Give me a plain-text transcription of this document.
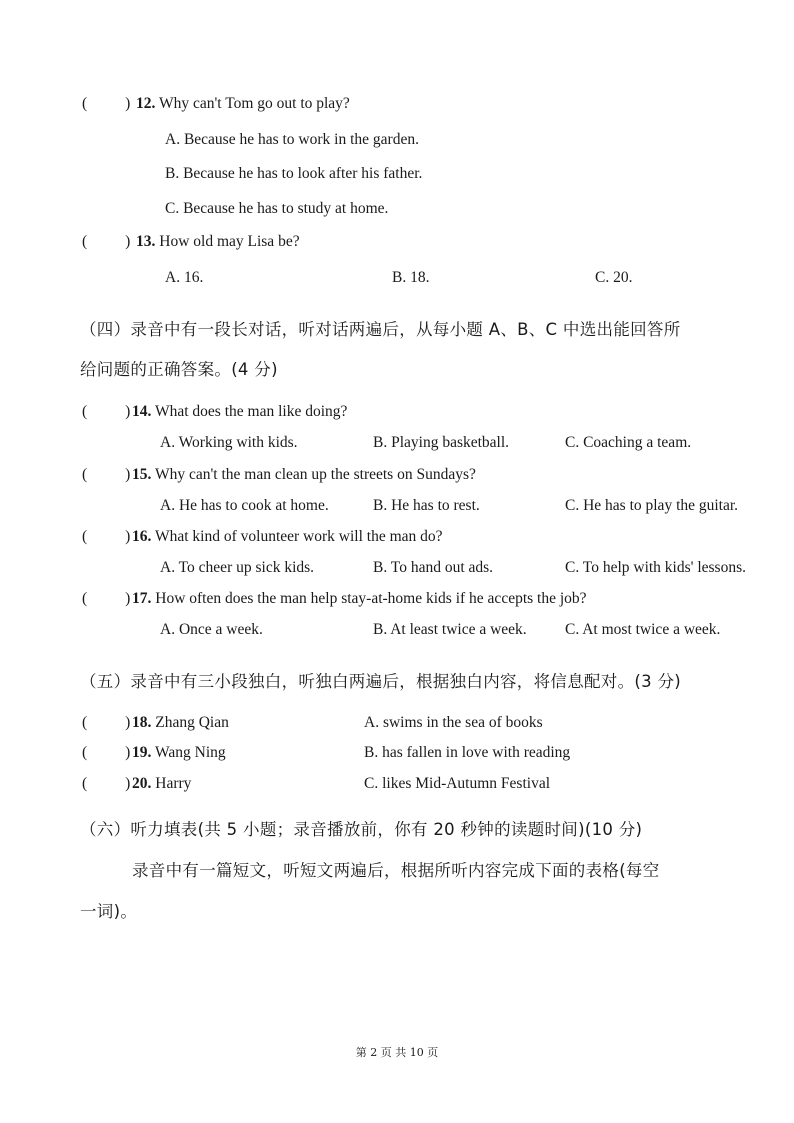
( ) 12. Why can't Tom go out to play?
A. Because he has to work in the garden.
B. Because he has to look after his father.
C. Because he has to study at home.
( ) 13. How old may Lisa be?
A. 16.	B. 18.	C. 20.
（四）录音中有一段长对话，听对话两遍后，从每小题 A、B、C 中选出能回答所
给问题的正确答案。(4 分)
( ) 14. What does the man like doing?
A. Working with kids.	B. Playing basketball.	C. Coaching a team.
( ) 15. Why can't the man clean up the streets on Sundays?
A. He has to cook at home.	B. He has to rest.	C. He has to play the guitar.
( ) 16. What kind of volunteer work will the man do?
A. To cheer up sick kids.	B. To hand out ads.	C. To help with kids' lessons.
( ) 17. How often does the man help stay-at-home kids if he accepts the job?
A. Once a week.	B. At least twice a week. C. At most twice a week.
（五）录音中有三小段独白，听独白两遍后，根据独白内容，将信息配对。(3 分)
( ) 18. Zhang Qian	A. swims in the sea of books
( ) 19. Wang Ning	B. has fallen in love with reading
( ) 20. Harry	C. likes Mid-Autumn Festival
（六）听力填表(共 5 小题；录音播放前，你有 20 秒钟的读题时间)(10 分)
录音中有一篇短文，听短文两遍后，根据所听内容完成下面的表格(每空
一词)。
第 2 页 共 10 页
